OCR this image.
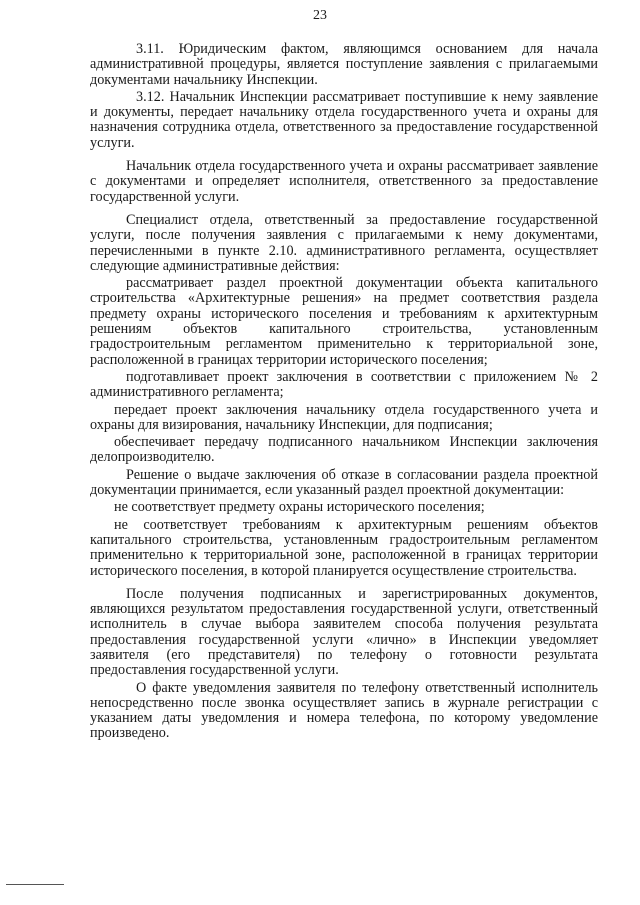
23

3.11. Юридическим фактом, являющимся основанием для начала административной процедуры, является поступление заявления с прилагаемыми документами начальнику Инспекции.

3.12. Начальник Инспекции рассматривает поступившие к нему заявление и документы, передает начальнику отдела государственного учета и охраны для назначения сотрудника отдела, ответственного за предоставление государственной услуги.

Начальник отдела государственного учета и охраны рассматривает заявление с документами и определяет исполнителя, ответственного за предоставление государственной услуги.

Специалист отдела, ответственный за предоставление государственной услуги, после получения заявления с прилагаемыми к нему документами, перечисленными в пункте 2.10. административного регламента, осуществляет следующие административные действия:

рассматривает раздел проектной документации объекта капитального строительства «Архитектурные решения» на предмет соответствия раздела предмету охраны исторического поселения и требованиям к архитектурным решениям объектов капитального строительства, установленным градостроительным регламентом применительно к территориальной зоне, расположенной в границах территории исторического поселения;

подготавливает проект заключения в соответствии с приложением № 2 административного регламента;

передает проект заключения начальнику отдела государственного учета и охраны для визирования, начальнику Инспекции, для подписания;

обеспечивает передачу подписанного начальником Инспекции заключения делопроизводителю.

Решение о выдаче заключения об отказе в согласовании раздела проектной документации принимается, если указанный раздел проектной документации:

не соответствует предмету охраны исторического поселения;

не соответствует требованиям к архитектурным решениям объектов капитального строительства, установленным градостроительным регламентом применительно к территориальной зоне, расположенной в границах территории исторического поселения, в которой планируется осуществление строительства.

После получения подписанных и зарегистрированных документов, являющихся результатом предоставления государственной услуги, ответственный исполнитель в случае выбора заявителем способа получения результата предоставления государственной услуги «лично» в Инспекции уведомляет заявителя (его представителя) по телефону о готовности результата предоставления государственной услуги.

О факте уведомления заявителя по телефону ответственный исполнитель непосредственно после звонка осуществляет запись в журнале регистрации с указанием даты уведомления и номера телефона, по которому уведомление произведено.
